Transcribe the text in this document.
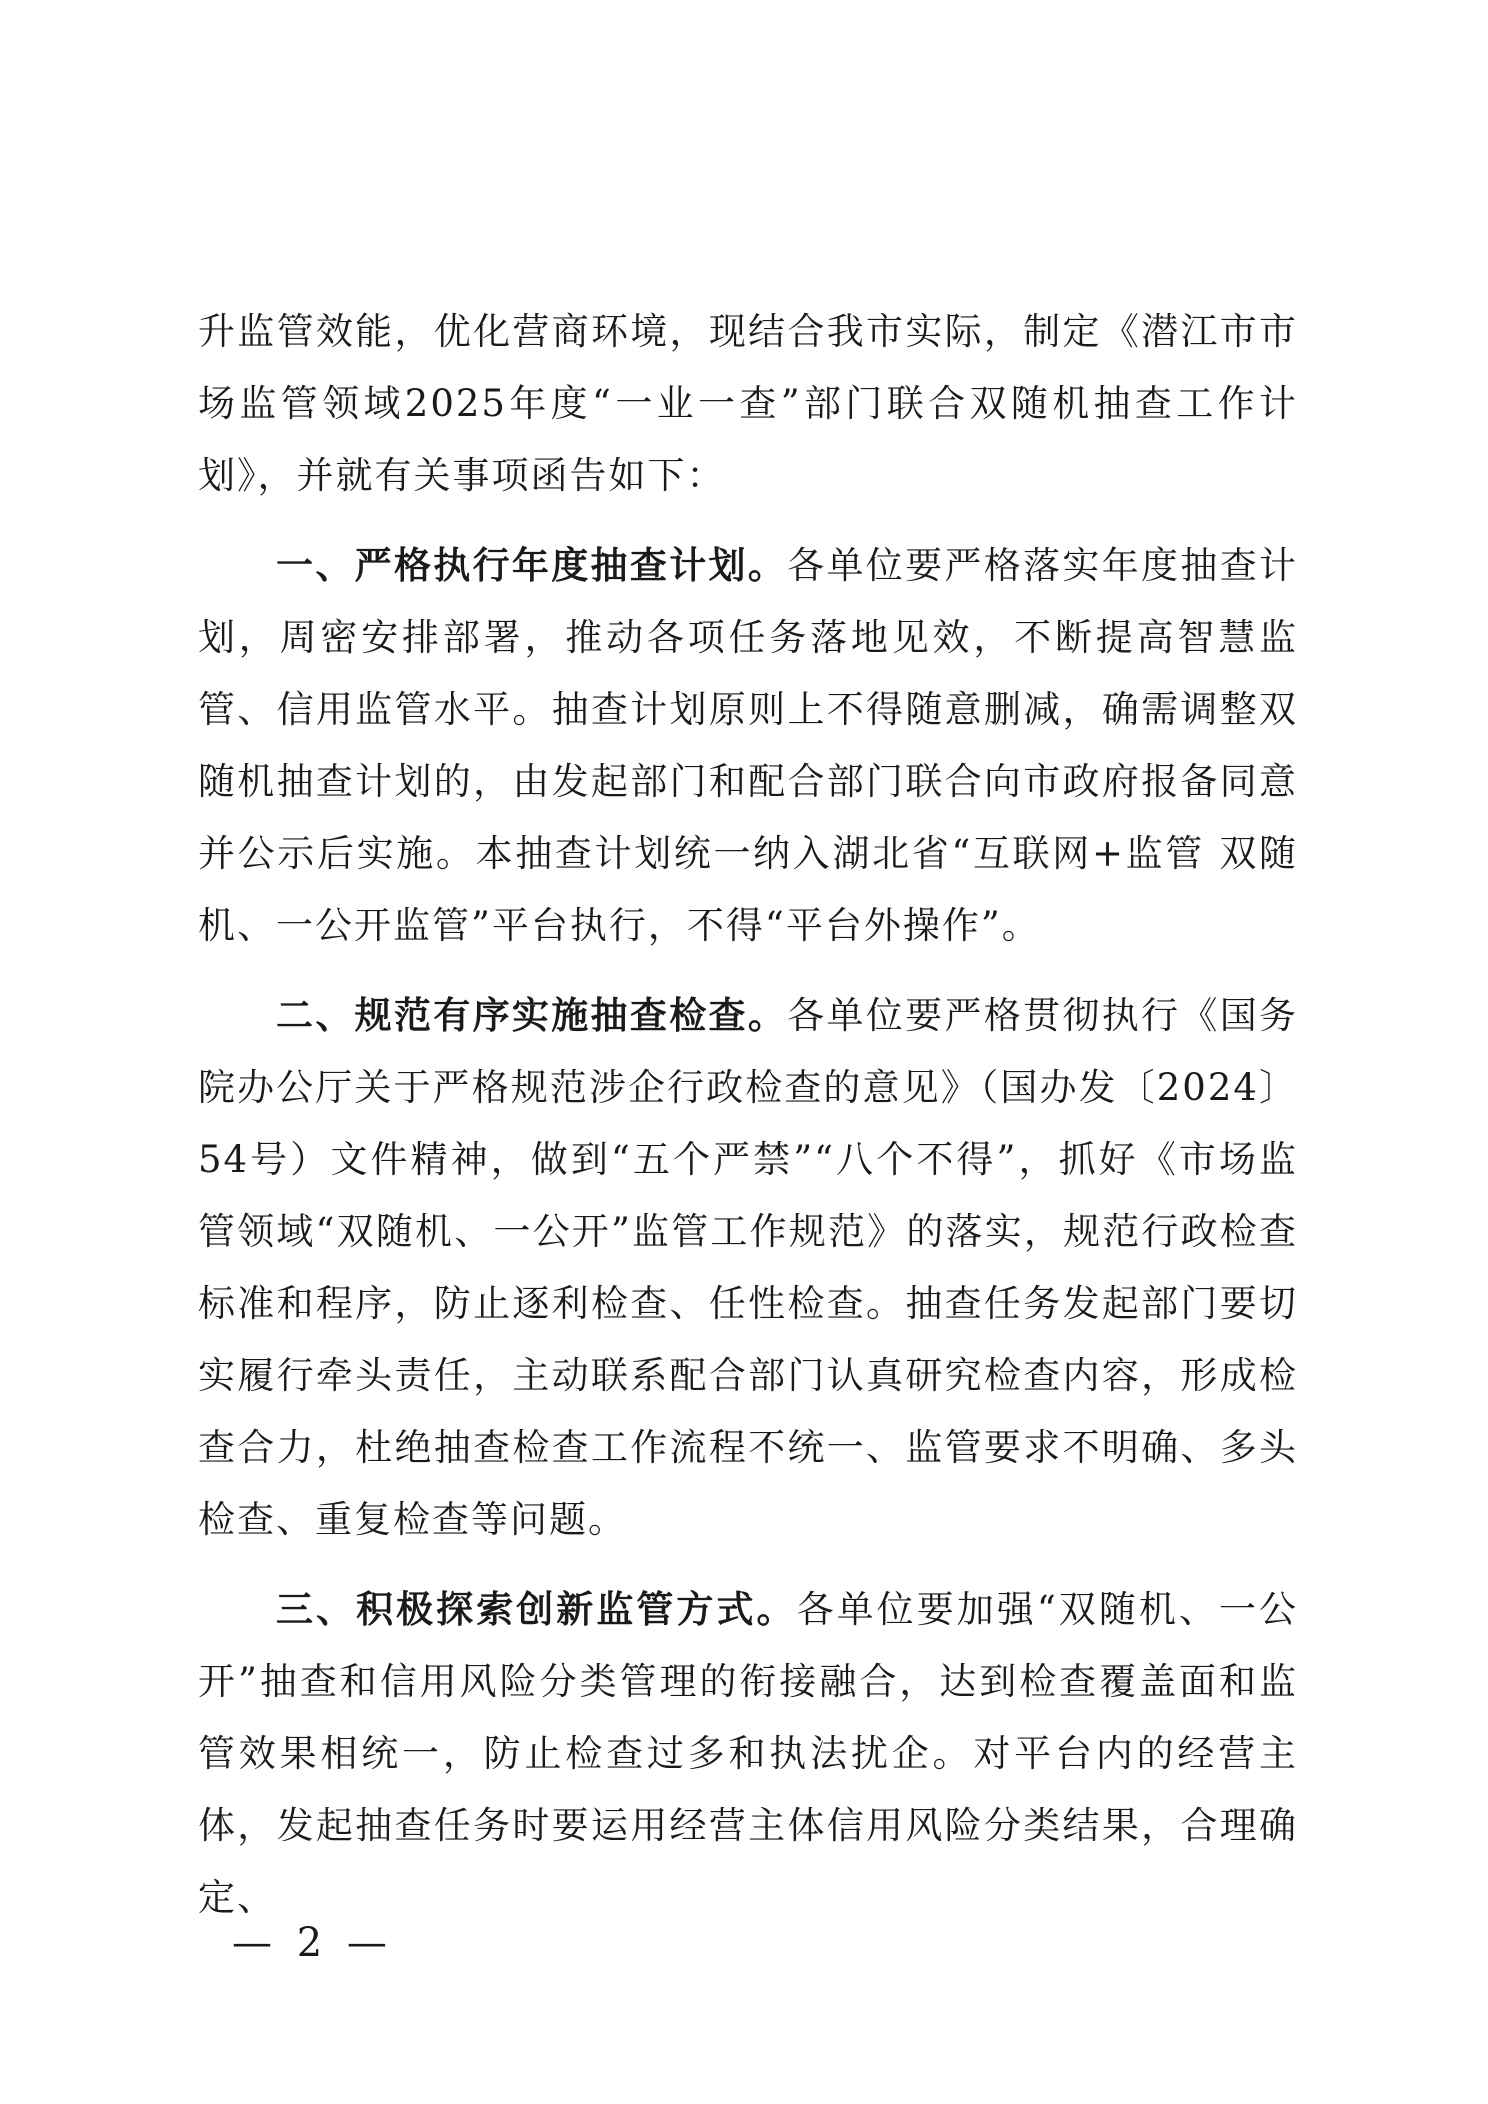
升监管效能，优化营商环境，现结合我市实际，制定《潜江市市场监管领域2025年度“一业一查”部门联合双随机抽查工作计划》，并就有关事项函告如下：

一、严格执行年度抽查计划。各单位要严格落实年度抽查计划，周密安排部署，推动各项任务落地见效，不断提高智慧监管、信用监管水平。抽查计划原则上不得随意删减，确需调整双随机抽查计划的，由发起部门和配合部门联合向市政府报备同意并公示后实施。本抽查计划统一纳入湖北省“互联网+监管 双随机、一公开监管”平台执行，不得“平台外操作”。

二、规范有序实施抽查检查。各单位要严格贯彻执行《国务院办公厅关于严格规范涉企行政检查的意见》（国办发〔2024〕54号）文件精神，做到“五个严禁”“八个不得”，抓好《市场监管领域“双随机、一公开”监管工作规范》的落实，规范行政检查标准和程序，防止逐利检查、任性检查。抽查任务发起部门要切实履行牵头责任，主动联系配合部门认真研究检查内容，形成检查合力，杜绝抽查检查工作流程不统一、监管要求不明确、多头检查、重复检查等问题。

三、积极探索创新监管方式。各单位要加强“双随机、一公开”抽查和信用风险分类管理的衔接融合，达到检查覆盖面和监管效果相统一，防止检查过多和执法扰企。对平台内的经营主体，发起抽查任务时要运用经营主体信用风险分类结果，合理确定、

— 2 —
